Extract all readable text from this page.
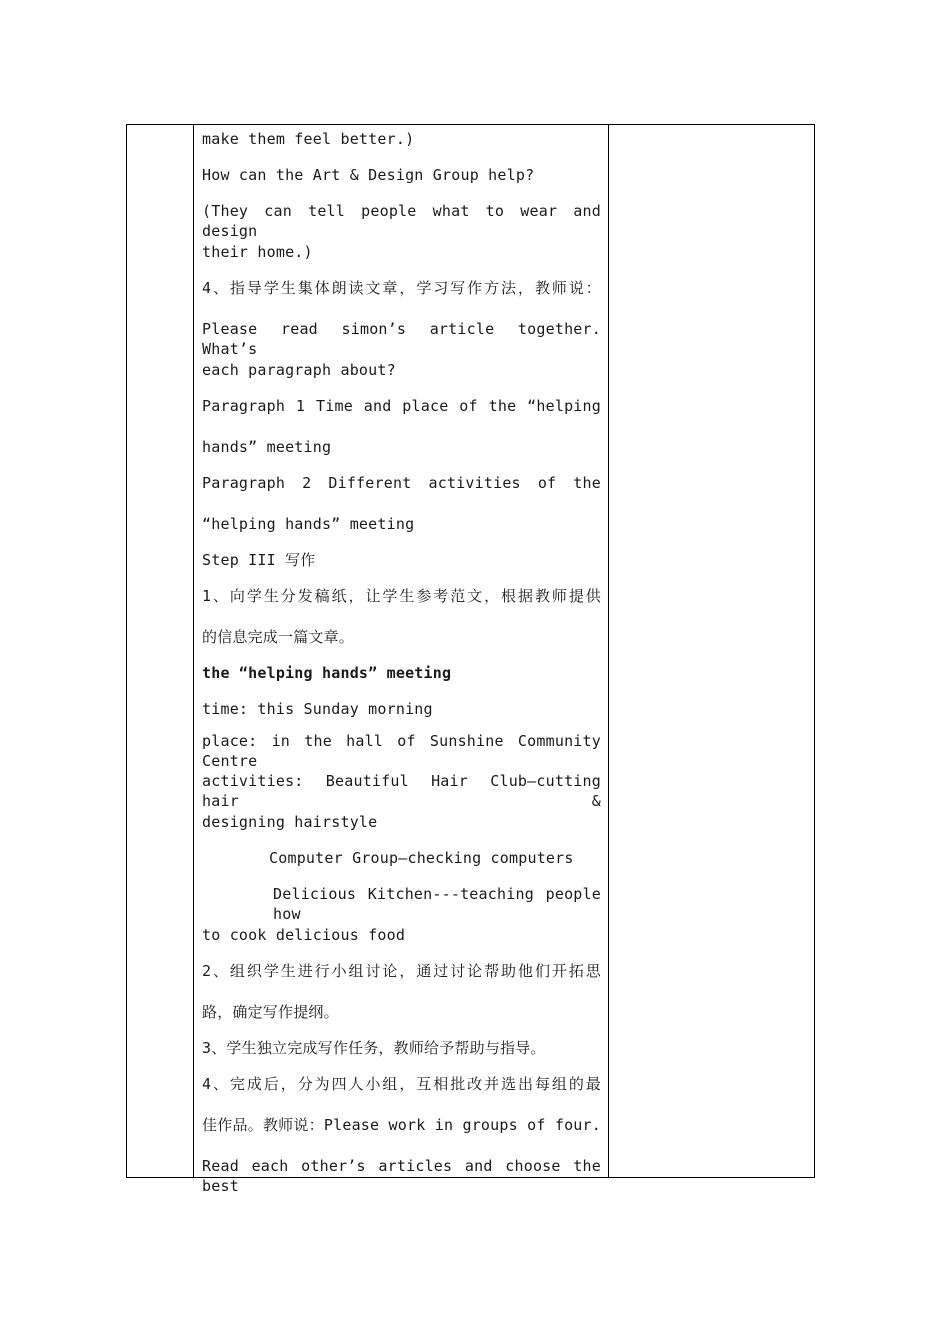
make them feel better.)
How can the Art & Design Group help?
(They can tell people what to wear and design
their home.)
4、指导学生集体朗读文章，学习写作方法，教师说：
Please read simon’s article together. What’s
each paragraph about?
Paragraph 1 Time and place of the “helping
hands” meeting
Paragraph 2 Different activities of the
“helping hands” meeting
Step III 写作
1、向学生分发稿纸，让学生参考范文，根据教师提供
的信息完成一篇文章。
the “helping hands” meeting
time: this Sunday morning
place: in the hall of Sunshine Community Centre
activities: Beautiful Hair Club—cutting hair &
designing hairstyle
Computer Group—checking computers
Delicious Kitchen---teaching people how
to cook delicious food
2、组织学生进行小组讨论，通过讨论帮助他们开拓思
路，确定写作提纲。
3、学生独立完成写作任务，教师给予帮助与指导。
4、完成后，分为四人小组，互相批改并选出每组的最
佳作品。教师说：Please work in groups of four.
Read each other’s articles and choose the best
